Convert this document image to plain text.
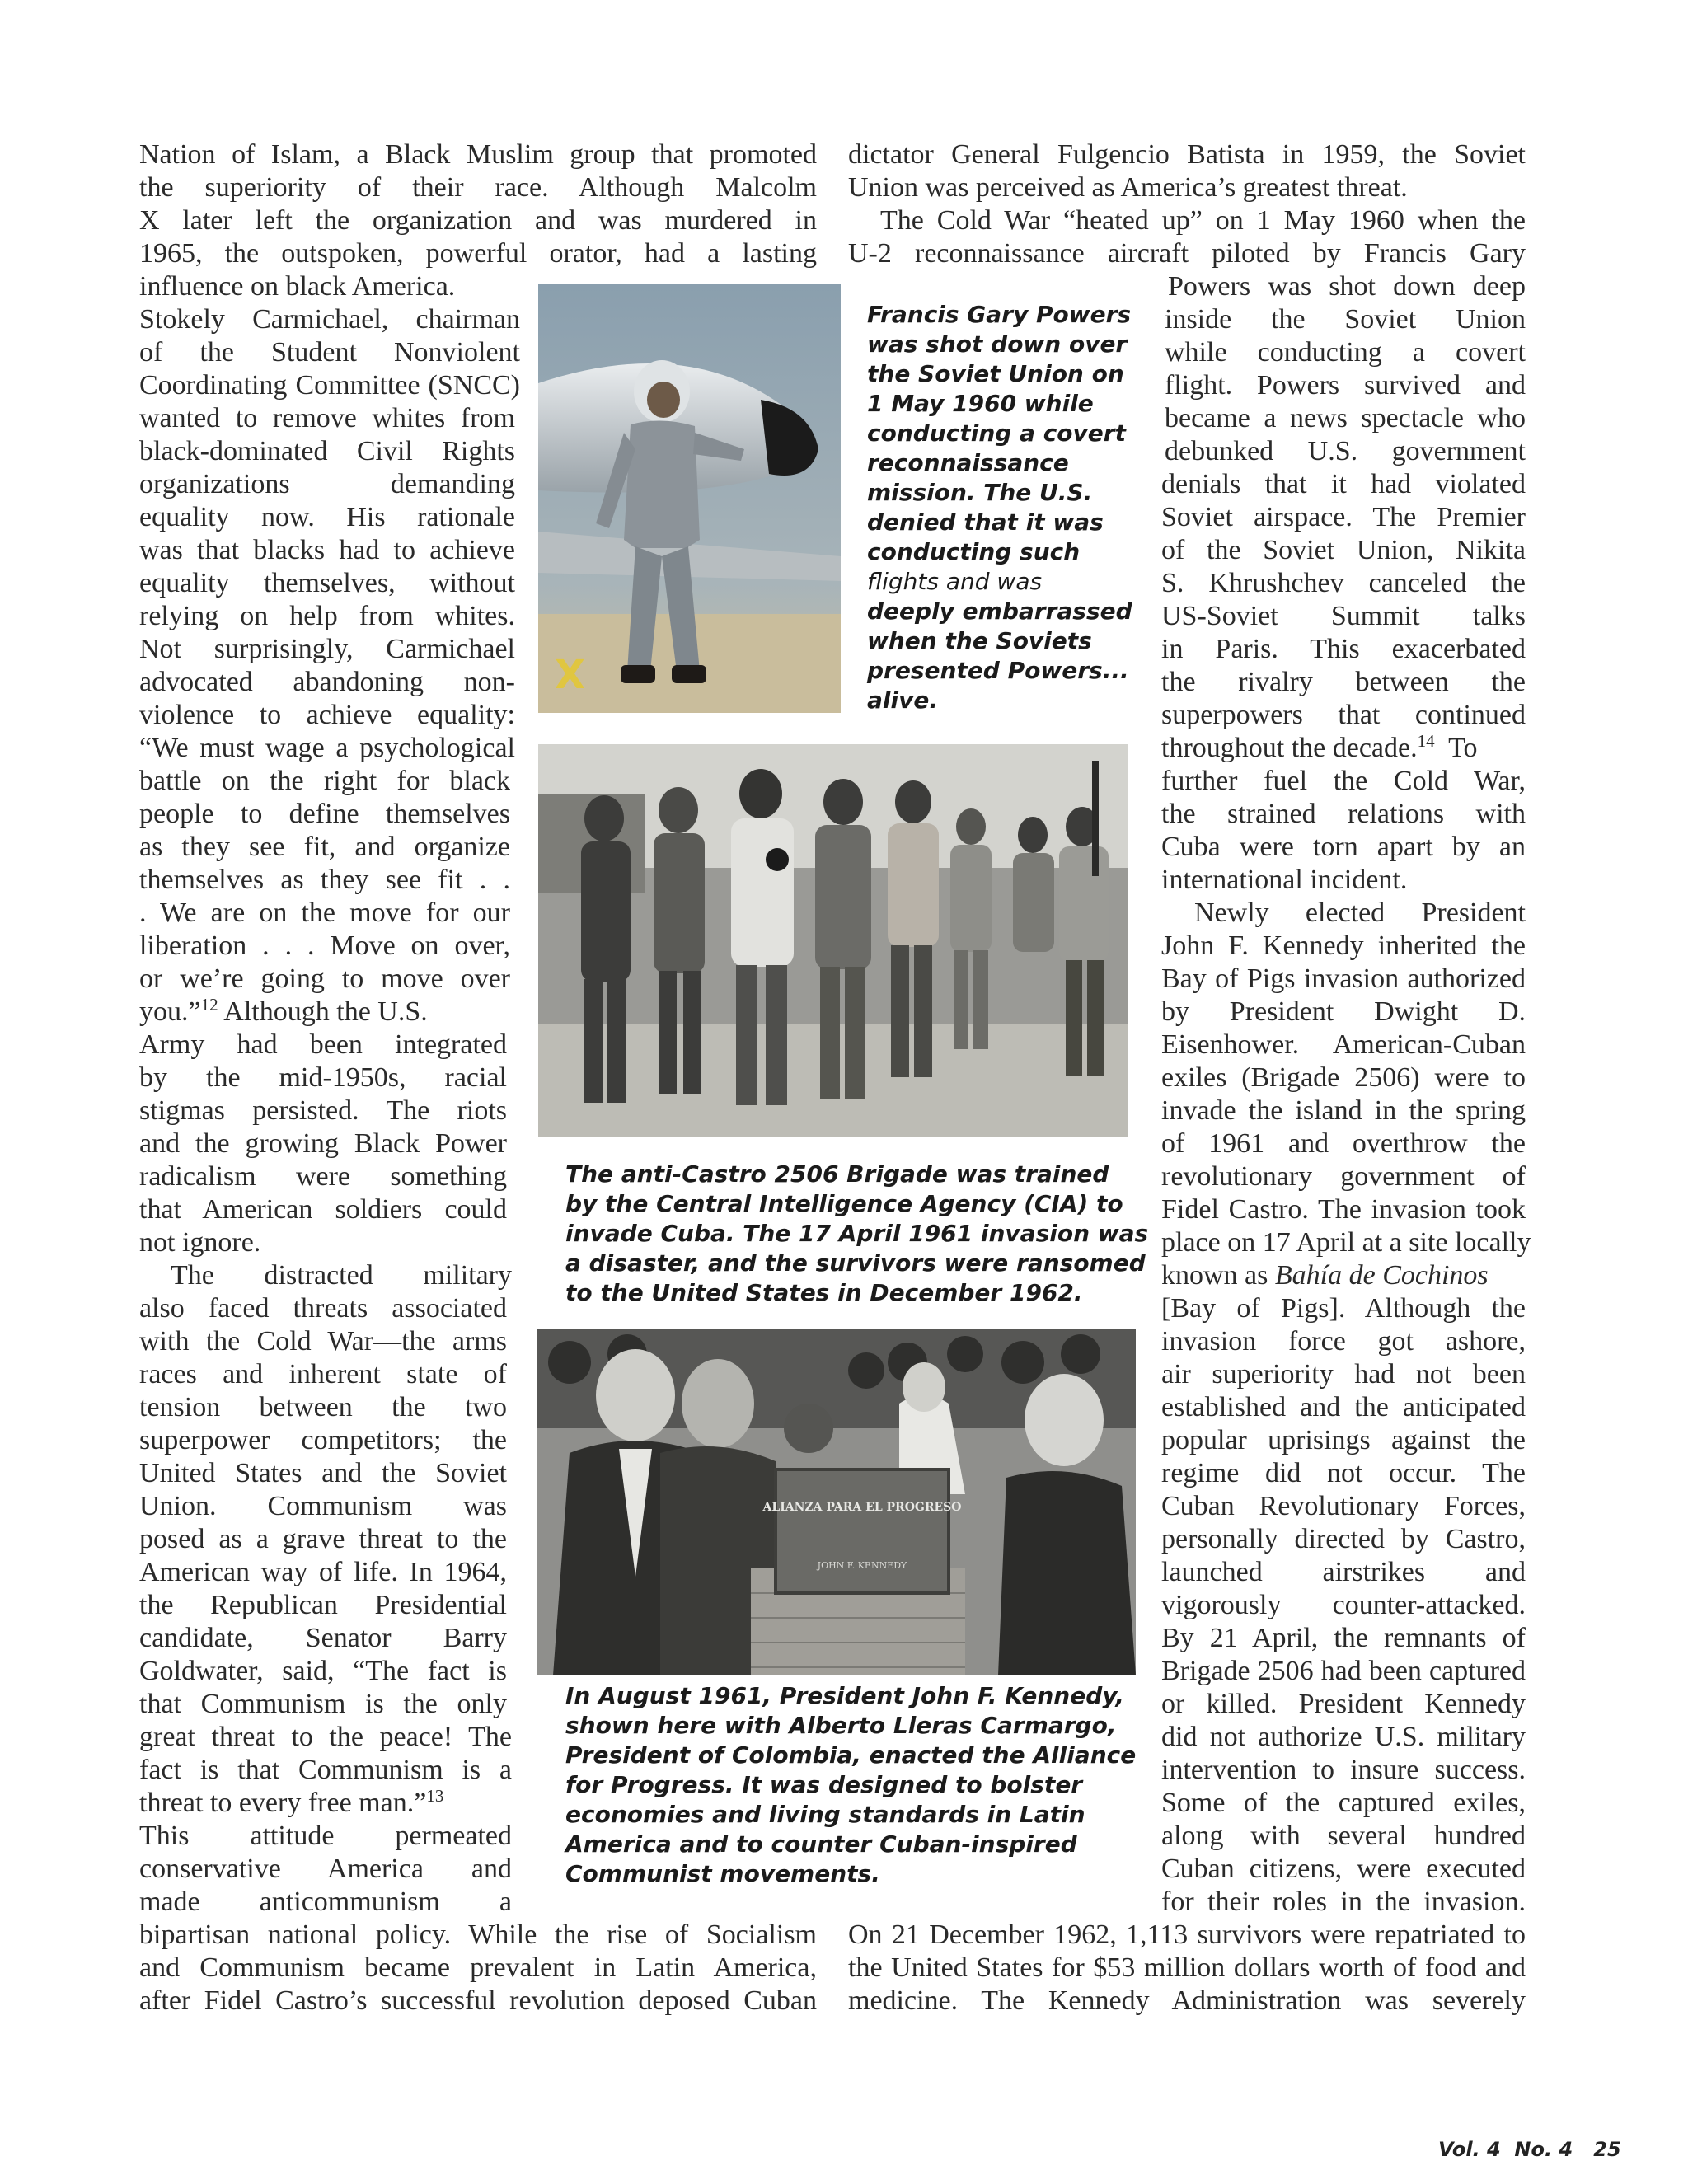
Nation of Islam, a Black Muslim group that promoted
the superiority of their race. Although Malcolm
X later left the organization and was murdered in
1965, the outspoken, powerful orator, had a lasting
influence on black America.
Stokely Carmichael, chairman
of the Student Nonviolent
Coordinating Committee (SNCC)
wanted to remove whites from
black-dominated Civil Rights
organizations demanding
equality now. His rationale
was that blacks had to achieve
equality themselves, without
relying on help from whites.
Not surprisingly, Carmichael
advocated abandoning non-
violence to achieve equality:
“We must wage a psychological
battle on the right for black
people to define themselves
as they see fit, and organize
themselves as they see fit . .
. We are on the move for our
liberation . . . Move on over,
or we’re going to move over
you.”$^{12}$ Although the U.S.
Army had been integrated
by the mid-1950s, racial
stigmas persisted. The riots
and the growing Black Power
radicalism were something
that American soldiers could
not ignore.
The distracted military
also faced threats associated
with the Cold War—the arms
races and inherent state of
tension between the two
superpower competitors; the
United States and the Soviet
Union. Communism was
posed as a grave threat to the
American way of life. In 1964,
the Republican Presidential
candidate, Senator Barry
Goldwater, said, “The fact is
that Communism is the only
great threat to the peace! The
fact is that Communism is a
threat to every free man.”$^{13}$
This attitude permeated
conservative America and
made anticommunism a
bipartisan national policy. While the rise of Socialism
and Communism became prevalent in Latin America,
after Fidel Castro’s successful revolution deposed Cuban
dictator General Fulgencio Batista in 1959, the Soviet
Union was perceived as America’s greatest threat.
The Cold War “heated up” on 1 May 1960 when the
U-2 reconnaissance aircraft piloted by Francis Gary
Powers was shot down deep
inside the Soviet Union
while conducting a covert
flight. Powers survived and
became a news spectacle who
debunked U.S. government
denials that it had violated
Soviet airspace. The Premier
of the Soviet Union, Nikita
S. Khrushchev canceled the
US-Soviet Summit talks
in Paris. This exacerbated
the rivalry between the
superpowers that continued
throughout the decade.$^{14}$  To
further fuel the Cold War,
the strained relations with
Cuba were torn apart by an
international incident.
Newly elected President
John F. Kennedy inherited the
Bay of Pigs invasion authorized
by President Dwight D.
Eisenhower. American-Cuban
exiles (Brigade 2506) were to
invade the island in the spring
of 1961 and overthrow the
revolutionary government of
Fidel Castro. The invasion took
place on 17 April at a site locally
known as Bahía de Cochinos
[Bay of Pigs]. Although the
invasion force got ashore,
air superiority had not been
established and the anticipated
popular uprisings against the
regime did not occur. The
Cuban Revolutionary Forces,
personally directed by Castro,
launched airstrikes and
vigorously counter-attacked.
By 21 April, the remnants of
Brigade 2506 had been captured
or killed. President Kennedy
did not authorize U.S. military
intervention to insure success.
Some of the captured exiles,
along with several hundred
Cuban citizens, were executed
for their roles in the invasion.
On 21 December 1962, 1,113 survivors were repatriated to
the United States for $53 million dollars worth of food and
medicine. The Kennedy Administration was severely
X
Francis Gary Powers
was shot down over
the Soviet Union on
1 May 1960 while
conducting a covert
reconnaissance
mission. The U.S.
denied that it was
conducting such
flights and was
deeply embarrassed
when the Soviets
presented Powers...
alive.
The anti-Castro 2506 Brigade was trained
by the Central Intelligence Agency (CIA) to
invade Cuba. The 17 April 1961 invasion was
a disaster, and the survivors were ransomed
to the United States in December 1962.
ALIANZA PARA EL PROGRESO
JOHN F. KENNEDY
In August 1961, President John F. Kennedy,
shown here with Alberto Lleras Carmargo,
President of Colombia, enacted the Alliance
for Progress. It was designed to bolster
economies and living standards in Latin
America and to counter Cuban-inspired
Communist movements.
Vol. 4  No. 4   25
